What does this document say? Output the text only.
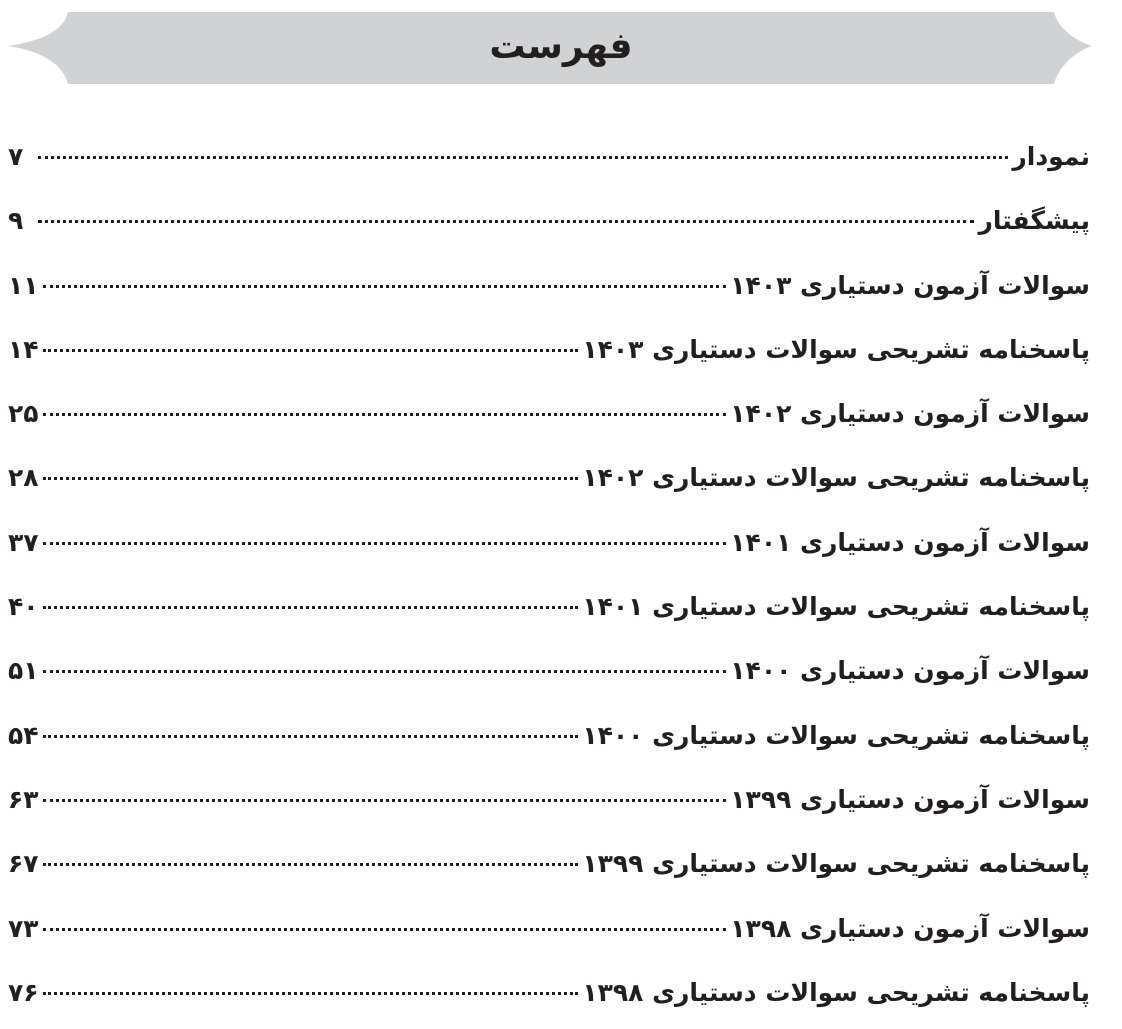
فهرست
نمودار
۷
پیشگفتار
۹
سوالات آزمون دستیاری ۱۴۰۳
۱۱
پاسخنامه تشریحی سوالات دستیاری ۱۴۰۳
۱۴
سوالات آزمون دستیاری ۱۴۰۲
۲۵
پاسخنامه تشریحی سوالات دستیاری ۱۴۰۲
۲۸
سوالات آزمون دستیاری ۱۴۰۱
۳۷
پاسخنامه تشریحی سوالات دستیاری ۱۴۰۱
۴۰
سوالات آزمون دستیاری ۱۴۰۰
۵۱
پاسخنامه تشریحی سوالات دستیاری ۱۴۰۰
۵۴
سوالات آزمون دستیاری ۱۳۹۹
۶۳
پاسخنامه تشریحی سوالات دستیاری ۱۳۹۹
۶۷
سوالات آزمون دستیاری ۱۳۹۸
۷۳
پاسخنامه تشریحی سوالات دستیاری ۱۳۹۸
۷۶
